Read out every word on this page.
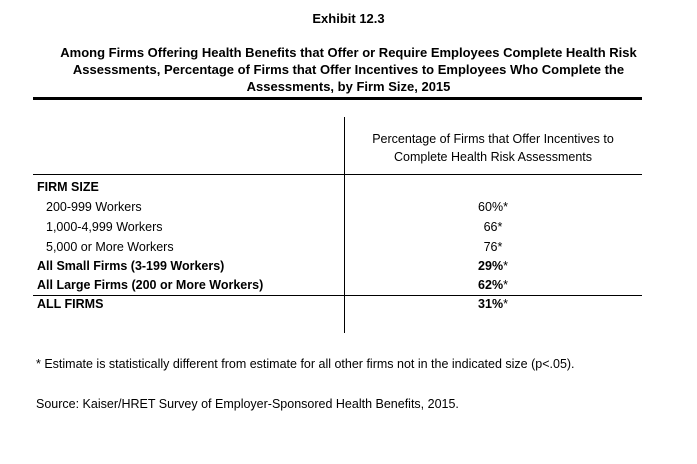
Exhibit 12.3
Among Firms Offering Health Benefits that Offer or Require Employees Complete Health Risk
Assessments, Percentage of Firms that Offer Incentives to Employees Who Complete the
Assessments, by Firm Size, 2015
Percentage of Firms that Offer Incentives to
Complete Health Risk Assessments
FIRM SIZE
200-999 Workers	60%*
1,000-4,999 Workers	66*
5,000 or More Workers	76*
All Small Firms (3-199 Workers)	29%*
All Large Firms (200 or More Workers)	62%*
ALL FIRMS	31%*
* Estimate is statistically different from estimate for all other firms not in the indicated size (p<.05).
Source: Kaiser/HRET Survey of Employer-Sponsored Health Benefits, 2015.
